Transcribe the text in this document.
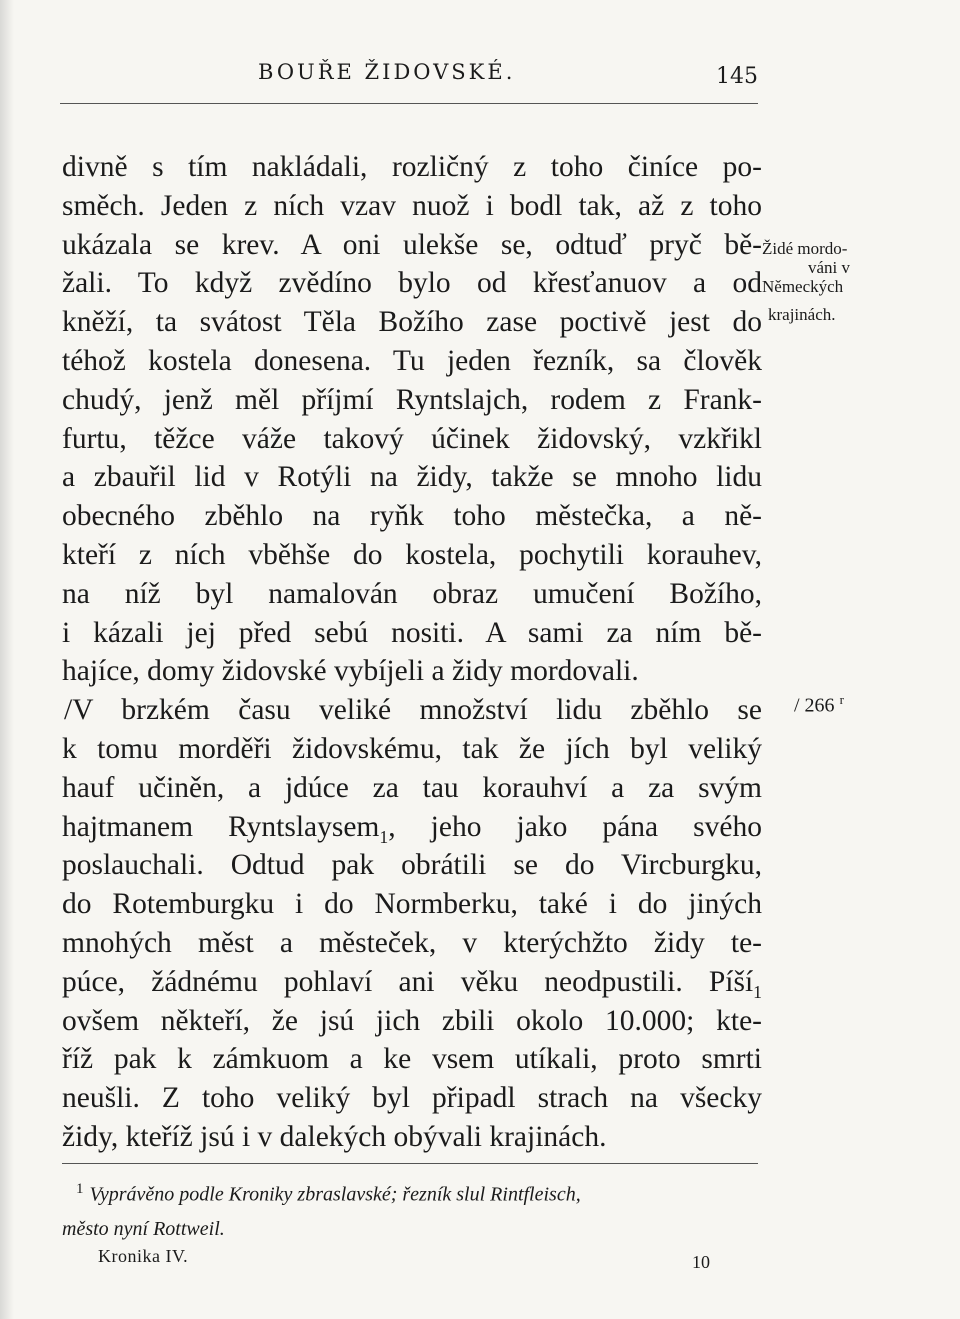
BOUŘE ŽIDOVSKÉ.	145
divně s tím nakládali, rozličný z toho činíce po-
směch. Jeden z ních vzav nuož i bodl tak, až z toho
ukázala se krev. A oni ulekše se, odtuď pryč bě-
žali. To když zvědíno bylo od křesťanuov a od
kněží, ta svátost Těla Božího zase poctivě jest do
téhož kostela donesena. Tu jeden řezník, sa člověk
chudý, jenž měl příjmí Ryntslajch, rodem z Frank-
furtu, těžce váže takový účinek židovský, vzkřikl
a zbauřil lid v Rotýli na židy, takže se mnoho lidu
obecného zběhlo na ryňk toho městečka, a ně-
kteří z ních vběhše do kostela, pochytili korauhev,
na níž byl namalován obraz umučení Božího,
i kázali jej před sebú nositi. A sami za ním bě-
hajíce, domy židovské vybíjeli a židy mordovali.
/V brzkém času veliké množství lidu zběhlo se
k tomu morděři židovskému, tak že jích byl veliký
hauf učiněn, a jdúce za tau korauhví a za svým
hajtmanem Ryntslaysem$_1$, jeho jako pána svého
poslauchali. Odtud pak obrátili se do Vircburgku,
do Rotemburgku i do Normberku, také i do jiných
mnohých měst a městeček, v kterýchžto židy te-
púce, žádnému pohlaví ani věku neodpustili. Píší$_1$
ovšem někteří, že jsú jich zbili okolo 10.000; kte-
říž pak k zámkuom a ke vsem utíkali, proto smrti
neušli. Z toho veliký byl připadl strach na všecky
židy, kteříž jsú i v dalekých obývali krajinách.
Židé mordo-
váni v
Německých
krajinách.
/ 266 $^r$
$^1$ Vyprávěno podle Kroniky zbraslavské; řezník slul Rintfleisch,
město nyní Rottweil.
Kronika IV.	10
